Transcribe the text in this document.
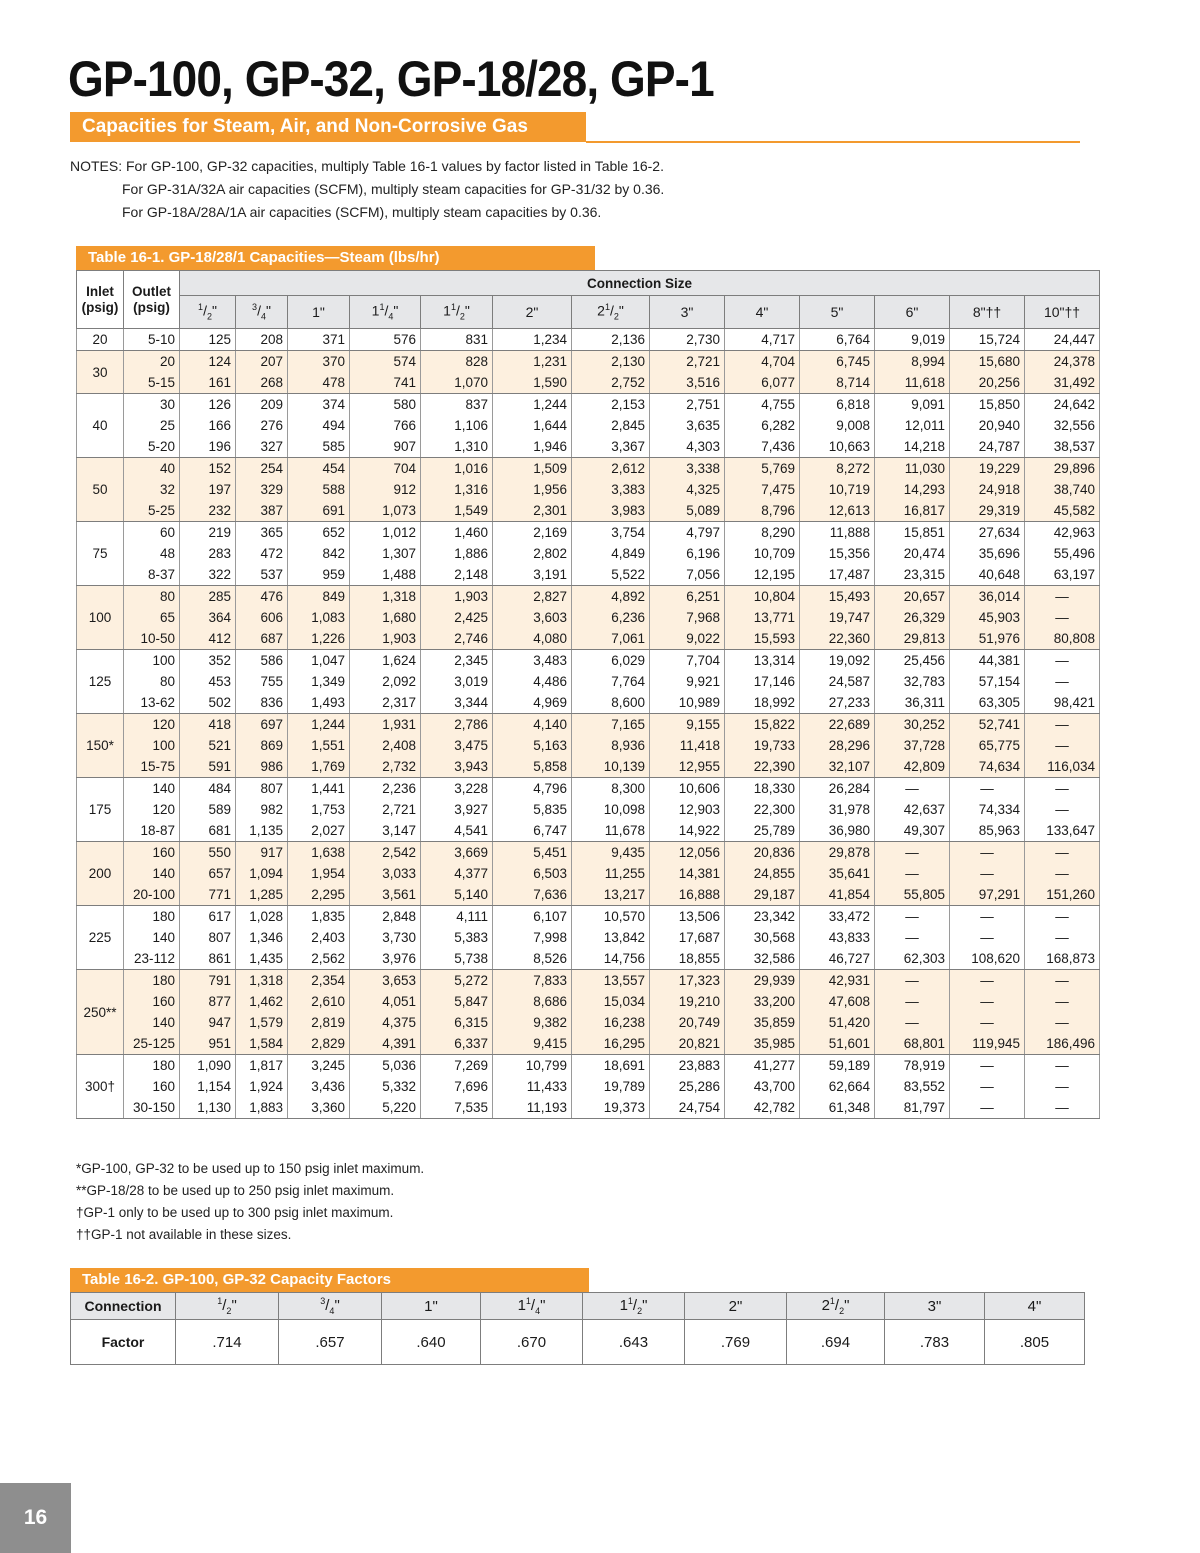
GP-100, GP-32, GP-18/28, GP-1
Capacities for Steam, Air, and Non-Corrosive Gas
NOTES: For GP-100, GP-32 capacities, multiply Table 16-1 values by factor listed in Table 16-2.
For GP-31A/32A air capacities (SCFM), multiply steam capacities for GP-31/32 by 0.36.
For GP-18A/28A/1A air capacities (SCFM), multiply steam capacities by 0.36.
Table 16-1. GP-18/28/1 Capacities—Steam (lbs/hr)
Inlet
(psig)	Outlet
(psig)	Connection Size												
		$^1/_2$"	$^3/_4$"	1"	$1^1/_4$"	$1^1/_2$"	2"	$2^1/_2$"	3"	4"	5"	6"	8"††	10"††
20	5-10	125	208	371	576	831	1,234	2,136	2,730	4,717	6,764	9,019	15,724	24,447
30	20	124	207	370	574	828	1,231	2,130	2,721	4,704	6,745	8,994	15,680	24,378
	5-15	161	268	478	741	1,070	1,590	2,752	3,516	6,077	8,714	11,618	20,256	31,492
40	30	126	209	374	580	837	1,244	2,153	2,751	4,755	6,818	9,091	15,850	24,642
	25	166	276	494	766	1,106	1,644	2,845	3,635	6,282	9,008	12,011	20,940	32,556
	5-20	196	327	585	907	1,310	1,946	3,367	4,303	7,436	10,663	14,218	24,787	38,537
50	40	152	254	454	704	1,016	1,509	2,612	3,338	5,769	8,272	11,030	19,229	29,896
	32	197	329	588	912	1,316	1,956	3,383	4,325	7,475	10,719	14,293	24,918	38,740
	5-25	232	387	691	1,073	1,549	2,301	3,983	5,089	8,796	12,613	16,817	29,319	45,582
75	60	219	365	652	1,012	1,460	2,169	3,754	4,797	8,290	11,888	15,851	27,634	42,963
	48	283	472	842	1,307	1,886	2,802	4,849	6,196	10,709	15,356	20,474	35,696	55,496
	8-37	322	537	959	1,488	2,148	3,191	5,522	7,056	12,195	17,487	23,315	40,648	63,197
100	80	285	476	849	1,318	1,903	2,827	4,892	6,251	10,804	15,493	20,657	36,014	—
	65	364	606	1,083	1,680	2,425	3,603	6,236	7,968	13,771	19,747	26,329	45,903	—
	10-50	412	687	1,226	1,903	2,746	4,080	7,061	9,022	15,593	22,360	29,813	51,976	80,808
125	100	352	586	1,047	1,624	2,345	3,483	6,029	7,704	13,314	19,092	25,456	44,381	—
	80	453	755	1,349	2,092	3,019	4,486	7,764	9,921	17,146	24,587	32,783	57,154	—
	13-62	502	836	1,493	2,317	3,344	4,969	8,600	10,989	18,992	27,233	36,311	63,305	98,421
150*	120	418	697	1,244	1,931	2,786	4,140	7,165	9,155	15,822	22,689	30,252	52,741	—
	100	521	869	1,551	2,408	3,475	5,163	8,936	11,418	19,733	28,296	37,728	65,775	—
	15-75	591	986	1,769	2,732	3,943	5,858	10,139	12,955	22,390	32,107	42,809	74,634	116,034
175	140	484	807	1,441	2,236	3,228	4,796	8,300	10,606	18,330	26,284	—	—	—
	120	589	982	1,753	2,721	3,927	5,835	10,098	12,903	22,300	31,978	42,637	74,334	—
	18-87	681	1,135	2,027	3,147	4,541	6,747	11,678	14,922	25,789	36,980	49,307	85,963	133,647
200	160	550	917	1,638	2,542	3,669	5,451	9,435	12,056	20,836	29,878	—	—	—
	140	657	1,094	1,954	3,033	4,377	6,503	11,255	14,381	24,855	35,641	—	—	—
	20-100	771	1,285	2,295	3,561	5,140	7,636	13,217	16,888	29,187	41,854	55,805	97,291	151,260
225	180	617	1,028	1,835	2,848	4,111	6,107	10,570	13,506	23,342	33,472	—	—	—
	140	807	1,346	2,403	3,730	5,383	7,998	13,842	17,687	30,568	43,833	—	—	—
	23-112	861	1,435	2,562	3,976	5,738	8,526	14,756	18,855	32,586	46,727	62,303	108,620	168,873
250**	180	791	1,318	2,354	3,653	5,272	7,833	13,557	17,323	29,939	42,931	—	—	—
	160	877	1,462	2,610	4,051	5,847	8,686	15,034	19,210	33,200	47,608	—	—	—
	140	947	1,579	2,819	4,375	6,315	9,382	16,238	20,749	35,859	51,420	—	—	—
	25-125	951	1,584	2,829	4,391	6,337	9,415	16,295	20,821	35,985	51,601	68,801	119,945	186,496
300†	180	1,090	1,817	3,245	5,036	7,269	10,799	18,691	23,883	41,277	59,189	78,919	—	—
	160	1,154	1,924	3,436	5,332	7,696	11,433	19,789	25,286	43,700	62,664	83,552	—	—
	30-150	1,130	1,883	3,360	5,220	7,535	11,193	19,373	24,754	42,782	61,348	81,797	—	—
*GP-100, GP-32 to be used up to 150 psig inlet maximum.
**GP-18/28 to be used up to 250 psig inlet maximum.
†GP-1 only to be used up to 300 psig inlet maximum.
††GP-1 not available in these sizes.
Table 16-2. GP-100, GP-32 Capacity Factors
Connection	$^1/_2$"	$^3/_4$"	1"	$1^1/_4$"	$1^1/_2$"	2"	$2^1/_2$"	3"	4"
Factor	.714	.657	.640	.670	.643	.769	.694	.783	.805
16
